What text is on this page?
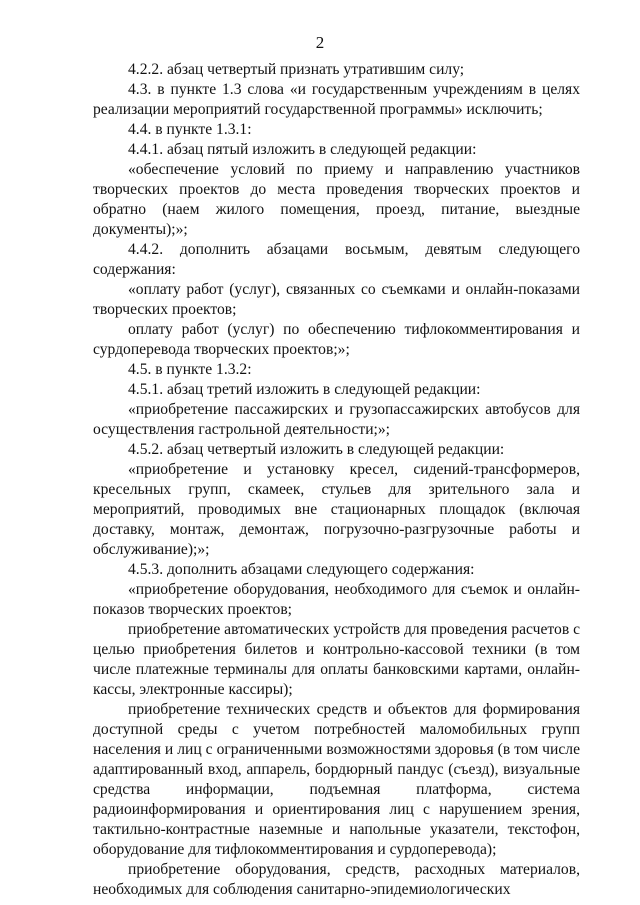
2

4.2.2. абзац четвертый признать утратившим силу;

4.3. в пункте 1.3 слова «и государственным учреждениям в целях реализации мероприятий государственной программы» исключить;

4.4. в пункте 1.3.1:

4.4.1. абзац пятый изложить в следующей редакции:

«обеспечение условий по приему и направлению участников творческих проектов до места проведения творческих проектов и обратно (наем жилого помещения, проезд, питание, выездные документы);»;

4.4.2. дополнить абзацами восьмым, девятым следующего содержания:

«оплату работ (услуг), связанных со съемками и онлайн-показами творческих проектов;

оплату работ (услуг) по обеспечению тифлокомментирования и сурдоперевода творческих проектов;»;

4.5. в пункте 1.3.2:

4.5.1. абзац третий изложить в следующей редакции:

«приобретение пассажирских и грузопассажирских автобусов для осуществления гастрольной деятельности;»;

4.5.2. абзац четвертый изложить в следующей редакции:

«приобретение и установку кресел, сидений-трансформеров, кресельных групп, скамеек, стульев для зрительного зала и мероприятий, проводимых вне стационарных площадок (включая доставку, монтаж, демонтаж, погрузочно-разгрузочные работы и обслуживание);»;

4.5.3. дополнить абзацами следующего содержания:

«приобретение оборудования, необходимого для съемок и онлайн-показов творческих проектов;

приобретение автоматических устройств для проведения расчетов с целью приобретения билетов и контрольно-кассовой техники (в том числе платежные терминалы для оплаты банковскими картами, онлайн-кассы, электронные кассиры);

приобретение технических средств и объектов для формирования доступной среды с учетом потребностей маломобильных групп населения и лиц с ограниченными возможностями здоровья (в том числе адаптированный вход, аппарель, бордюрный пандус (съезд), визуальные средства информации, подъемная платформа, система радиоинформирования и ориентирования лиц с нарушением зрения, тактильно-контрастные наземные и напольные указатели, текстофон, оборудование для тифлокомментирования и сурдоперевода);

приобретение оборудования, средств, расходных материалов, необходимых для соблюдения санитарно-эпидемиологических
